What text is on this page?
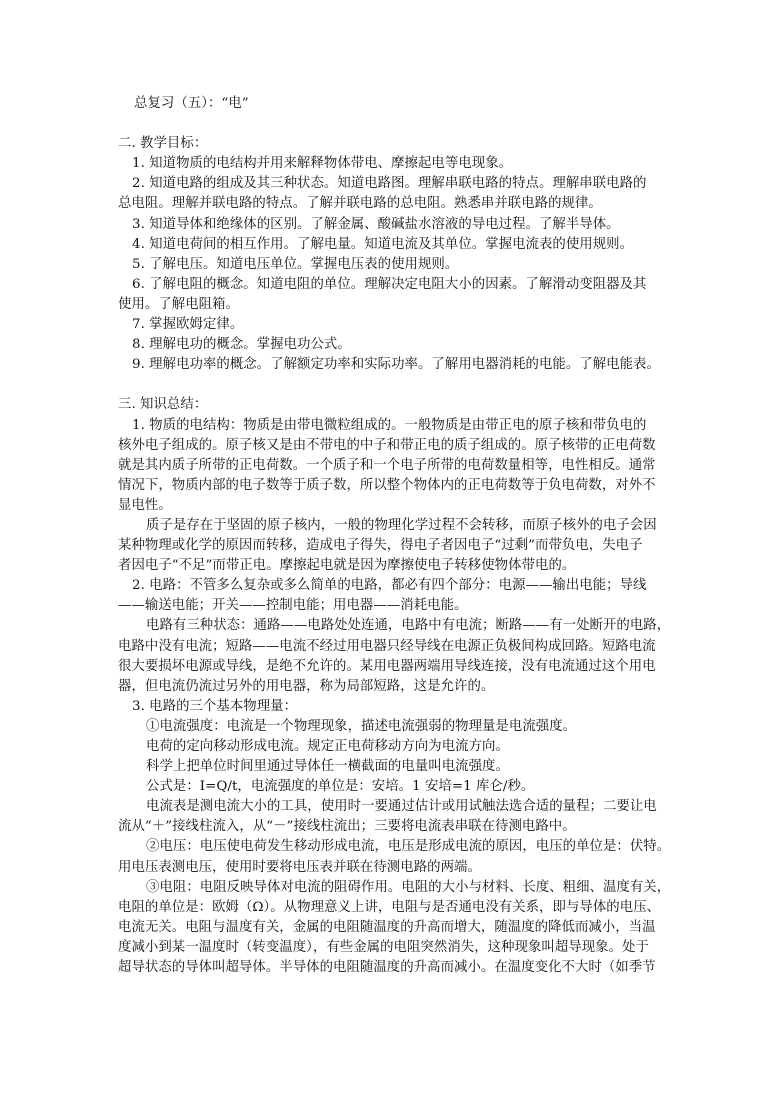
总复习（五）：“电”
二. 教学目标：
1. 知道物质的电结构并用来解释物体带电、摩擦起电等电现象。
2. 知道电路的组成及其三种状态。知道电路图。理解串联电路的特点。理解串联电路的
总电阻。理解并联电路的特点。了解并联电路的总电阻。熟悉串并联电路的规律。
3. 知道导体和绝缘体的区别。了解金属、酸碱盐水溶液的导电过程。了解半导体。
4. 知道电荷间的相互作用。了解电量。知道电流及其单位。掌握电流表的使用规则。
5. 了解电压。知道电压单位。掌握电压表的使用规则。
6. 了解电阻的概念。知道电阻的单位。理解决定电阻大小的因素。了解滑动变阻器及其
使用。了解电阻箱。
7. 掌握欧姆定律。
8. 理解电功的概念。掌握电功公式。
9. 理解电功率的概念。了解额定功率和实际功率。了解用电器消耗的电能。了解电能表。
三. 知识总结：
1. 物质的电结构：物质是由带电微粒组成的。一般物质是由带正电的原子核和带负电的
核外电子组成的。原子核又是由不带电的中子和带正电的质子组成的。原子核带的正电荷数
就是其内质子所带的正电荷数。一个质子和一个电子所带的电荷数量相等，电性相反。通常
情况下，物质内部的电子数等于质子数，所以整个物体内的正电荷数等于负电荷数，对外不
显电性。
质子是存在于坚固的原子核内，一般的物理化学过程不会转移，而原子核外的电子会因
某种物理或化学的原因而转移，造成电子得失，得电子者因电子“过剩”而带负电，失电子
者因电子“不足”而带正电。摩擦起电就是因为摩擦使电子转移使物体带电的。
2. 电路：不管多么复杂或多么简单的电路，都必有四个部分：电源——输出电能；导线
——输送电能；开关——控制电能；用电器——消耗电能。
电路有三种状态：通路——电路处处连通，电路中有电流；断路——有一处断开的电路，
电路中没有电流；短路——电流不经过用电器只经导线在电源正负极间构成回路。短路电流
很大要损坏电源或导线，是绝不允许的。某用电器两端用导线连接，没有电流通过这个用电
器，但电流仍流过另外的用电器，称为局部短路，这是允许的。
3. 电路的三个基本物理量：
①电流强度：电流是一个物理现象，描述电流强弱的物理量是电流强度。
电荷的定向移动形成电流。规定正电荷移动方向为电流方向。
科学上把单位时间里通过导体任一横截面的电量叫电流强度。
公式是：I=Q/t，电流强度的单位是：安培。1 安培=1 库仑/秒。
电流表是测电流大小的工具，使用时一要通过估计或用试触法选合适的量程；二要让电
流从“＋”接线柱流入，从“－”接线柱流出；三要将电流表串联在待测电路中。
②电压：电压使电荷发生移动形成电流，电压是形成电流的原因，电压的单位是：伏特。
用电压表测电压，使用时要将电压表并联在待测电路的两端。
③电阻：电阻反映导体对电流的阻碍作用。电阻的大小与材料、长度、粗细、温度有关，
电阻的单位是：欧姆（Ω）。从物理意义上讲，电阻与是否通电没有关系，即与导体的电压、
电流无关。电阻与温度有关，金属的电阻随温度的升高而增大，随温度的降低而减小，当温
度减小到某一温度时（转变温度），有些金属的电阻突然消失，这种现象叫超导现象。处于
超导状态的导体叫超导体。半导体的电阻随温度的升高而减小。在温度变化不大时（如季节
